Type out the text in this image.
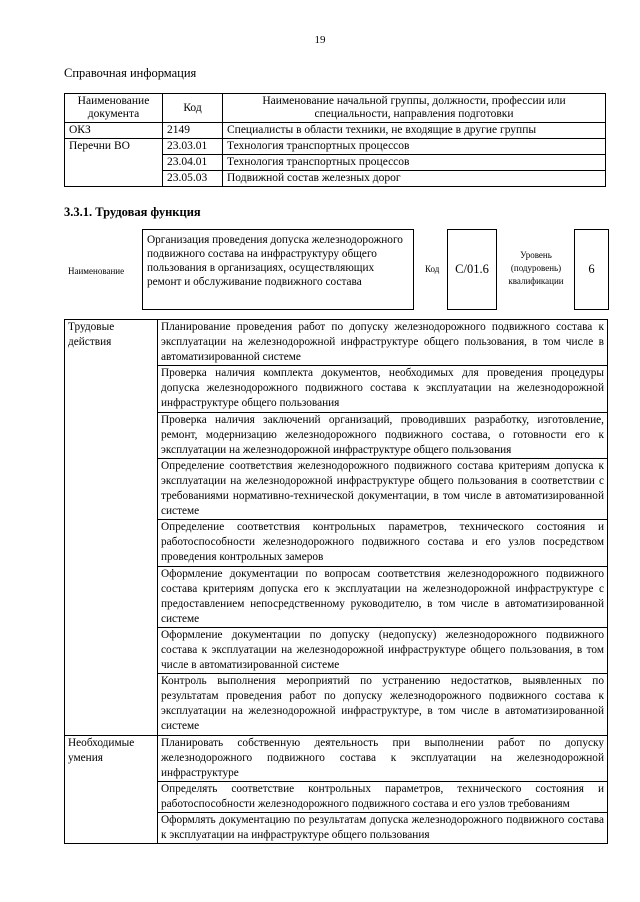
19
Справочная информация
Наименование документа	Код	Наименование начальной группы, должности, профессии или специальности, направления подготовки
ОКЗ	2149	Специалисты в области техники, не входящие в другие группы
Перечни ВО	23.03.01	Технология транспортных процессов
	23.04.01	Технология транспортных процессов
	23.05.03	Подвижной состав железных дорог
3.3.1. Трудовая функция
Наименование
Организация проведения допуска железнодорожного подвижного состава на инфраструктуру общего пользования в организациях, осуществляющих ремонт и обслуживание подвижного состава
Код C/01.6
Уровень (подуровень) квалификации
6
Трудовые действия	Планирование проведения работ по допуску железнодорожного подвижного состава к эксплуатации на железнодорожной инфраструктуре общего пользования, в том числе в автоматизированной системе
	Проверка наличия комплекта документов, необходимых для проведения процедуры допуска железнодорожного подвижного состава к эксплуатации на железнодорожной инфраструктуре общего пользования
	Проверка наличия заключений организаций, проводивших разработку, изготовление, ремонт, модернизацию железнодорожного подвижного состава, о готовности его к эксплуатации на железнодорожной инфраструктуре общего пользования
	Определение соответствия железнодорожного подвижного состава критериям допуска к эксплуатации на железнодорожной инфраструктуре общего пользования в соответствии с требованиями нормативно-технической документации, в том числе в автоматизированной системе
	Определение соответствия контрольных параметров, технического состояния и работоспособности железнодорожного подвижного состава и его узлов посредством проведения контрольных замеров
	Оформление документации по вопросам соответствия железнодорожного подвижного состава критериям допуска его к эксплуатации на железнодорожной инфраструктуре с предоставлением непосредственному руководителю, в том числе в автоматизированной системе
	Оформление документации по допуску (недопуску) железнодорожного подвижного состава к эксплуатации на железнодорожной инфраструктуре общего пользования, в том числе в автоматизированной системе
	Контроль выполнения мероприятий по устранению недостатков, выявленных по результатам проведения работ по допуску железнодорожного подвижного состава к эксплуатации на железнодорожной инфраструктуре, в том числе в автоматизированной системе
Необходимые умения	Планировать собственную деятельность при выполнении работ по допуску железнодорожного подвижного состава к эксплуатации на железнодорожной инфраструктуре
	Определять соответствие контрольных параметров, технического состояния и работоспособности железнодорожного подвижного состава и его узлов требованиям
	Оформлять документацию по результатам допуска железнодорожного подвижного состава к эксплуатации на инфраструктуре общего пользования
